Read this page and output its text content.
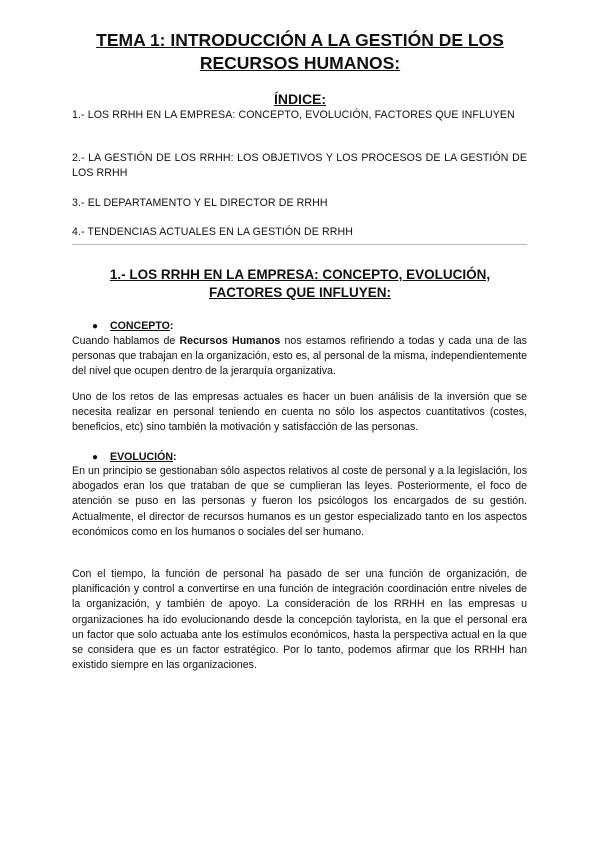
TEMA 1: INTRODUCCIÓN A LA GESTIÓN DE LOS RECURSOS HUMANOS:
ÍNDICE:
1.- LOS RRHH EN LA EMPRESA: CONCEPTO, EVOLUCIÓN, FACTORES QUE INFLUYEN
2.- LA GESTIÓN DE LOS RRHH: LOS OBJETIVOS Y LOS PROCESOS DE LA GESTIÓN DE LOS RRHH
3.- EL DEPARTAMENTO Y EL DIRECTOR DE RRHH
4.- TENDENCIAS ACTUALES EN LA GESTIÓN DE RRHH
1.- LOS RRHH EN LA EMPRESA: CONCEPTO, EVOLUCIÓN, FACTORES QUE INFLUYEN:
● CONCEPTO:

Cuando hablamos de Recursos Humanos nos estamos refiriendo a todas y cada una de las personas que trabajan en la organización, esto es, al personal de la misma, independientemente del nivel que ocupen dentro de la jerarquía organizativa.

Uno de los retos de las empresas actuales es hacer un buen análisis de la inversión que se necesita realizar en personal teniendo en cuenta no sólo los aspectos cuantitativos (costes, beneficios, etc) sino también la motivación y satisfacción de las personas.

● EVOLUCIÓN:

En un principio se gestionaban sólo aspectos relativos al coste de personal y a la legislación, los abogados eran los que trataban de que se cumplieran las leyes. Posteriormente, el foco de atención se puso en las personas y fueron los psicólogos los encargados de su gestión. Actualmente, el director de recursos humanos es un gestor especializado tanto en los aspectos económicos como en los humanos o sociales del ser humano.

Con el tiempo, la función de personal ha pasado de ser una función de organización, de planificación y control a convertirse en una función de integración coordinación entre niveles de la organización, y también de apoyo. La consideración de los RRHH en las empresas u organizaciones ha ido evolucionando desde la concepción taylorista, en la que el personal era un factor que solo actuaba ante los estímulos económicos, hasta la perspectiva actual en la que se considera que es un factor estratégico. Por lo tanto, podemos afirmar que los RRHH han existido siempre en las organizaciones.
